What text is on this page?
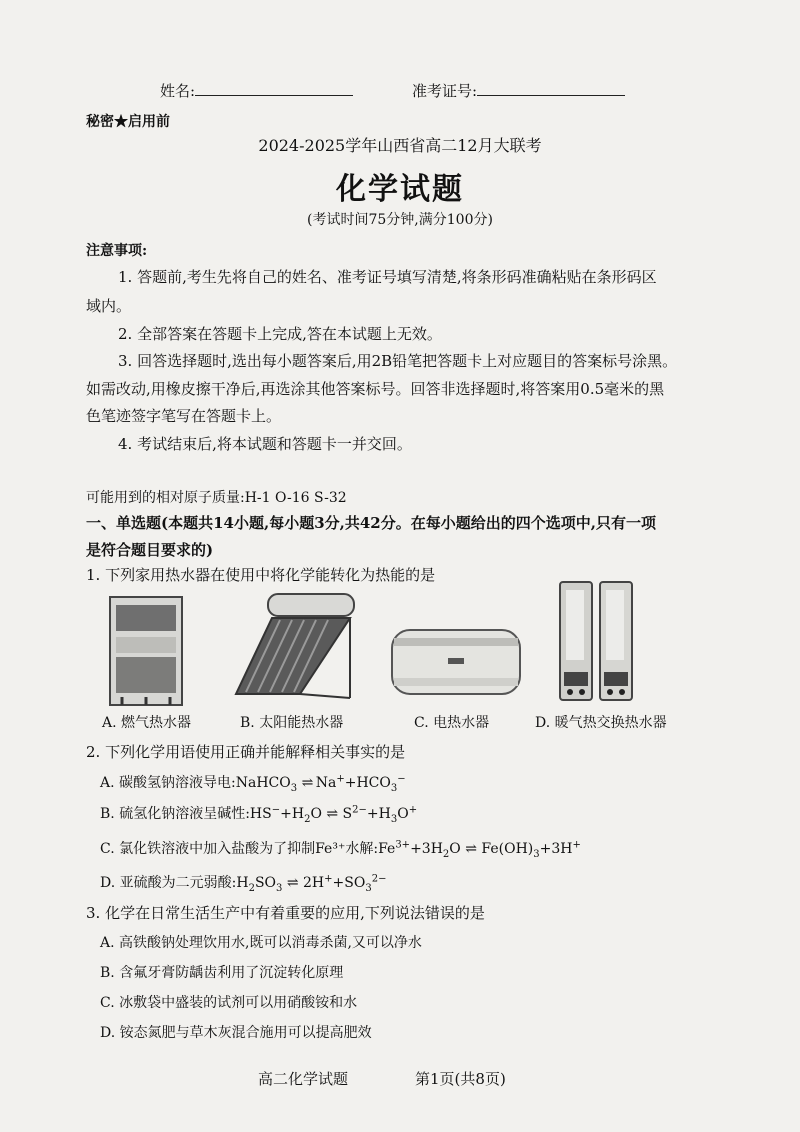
姓名:	准考证号:
秘密★启用前
2024-2025学年山西省高二12月大联考
化学试题
(考试时间75分钟,满分100分)
注意事项:
1. 答题前,考生先将自己的姓名、准考证号填写清楚,将条形码准确粘贴在条形码区
域内。
2. 全部答案在答题卡上完成,答在本试题上无效。
3. 回答选择题时,选出每小题答案后,用2B铅笔把答题卡上对应题目的答案标号涂黑。
如需改动,用橡皮擦干净后,再选涂其他答案标号。回答非选择题时,将答案用0.5毫米的黑
色笔迹签字笔写在答题卡上。
4. 考试结束后,将本试题和答题卡一并交回。
可能用到的相对原子质量:H-1 O-16 S-32
一、单选题(本题共14小题,每小题3分,共42分。在每小题给出的四个选项中,只有一项
是符合题目要求的)
1. 下列家用热水器在使用中将化学能转化为热能的是
A. 燃气热水器	B. 太阳能热水器	C. 电热水器	D. 暖气热交换热水器
2. 下列化学用语使用正确并能解释相关事实的是
A. 碳酸氢钠溶液导电:NaHCO$_3$ ⇌ $Na^++HCO_3^-$
B. 硫氢化钠溶液呈碱性$:HS^-+H_2O$ ⇌ $S^{2-}+H_3O^+$
C. 氯化铁溶液中加入盐酸为了抑制Fe³⁺水解$:Fe^{3+}+3H_2O$ ⇌ $Fe(OH)_3+3H^+$
D. 亚硫酸为二元弱酸$:H_2SO_3$ ⇌ $2H^++SO_3^{2-}$
3. 化学在日常生活生产中有着重要的应用,下列说法错误的是
A. 高铁酸钠处理饮用水,既可以消毒杀菌,又可以净水
B. 含氟牙膏防龋齿利用了沉淀转化原理
C. 冰敷袋中盛装的试剂可以用硝酸铵和水
D. 铵态氮肥与草木灰混合施用可以提高肥效
高二化学试题	第1页(共8页)
